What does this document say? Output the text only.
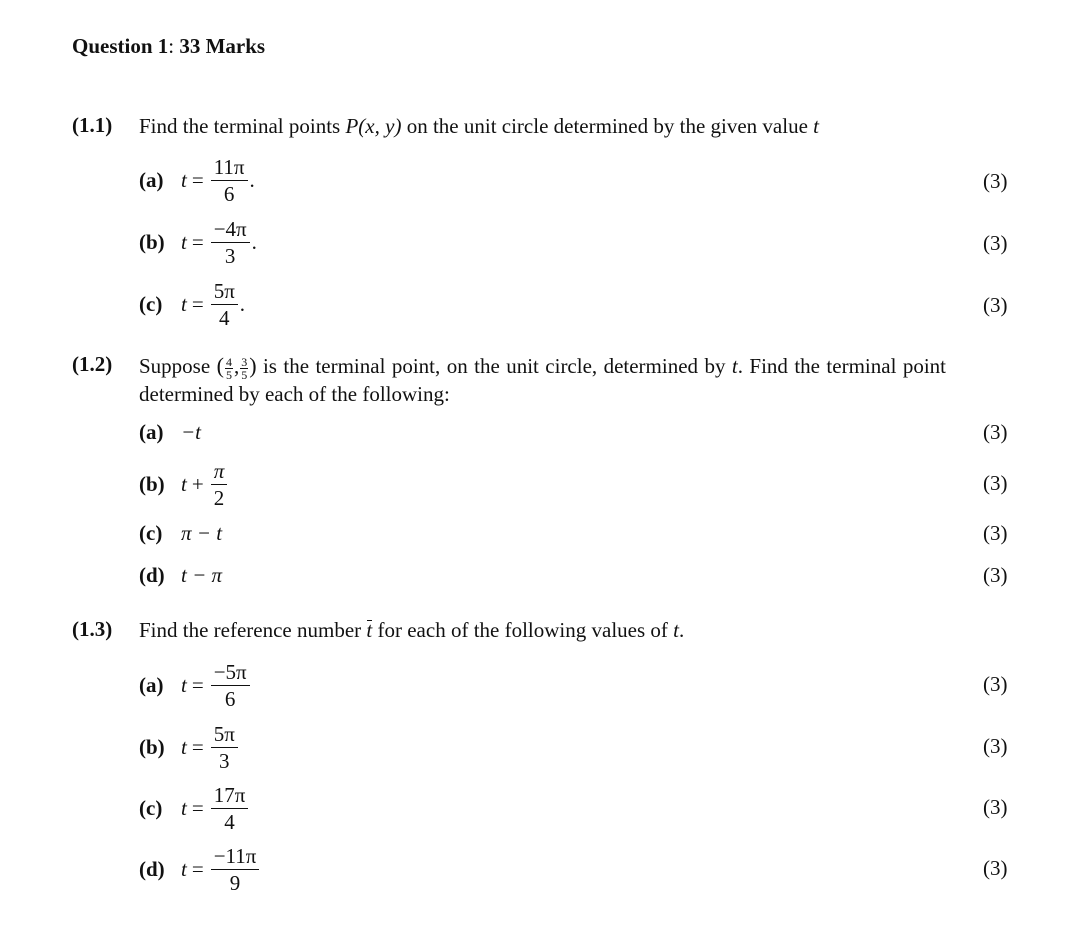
Question 1: 33 Marks
(1.1) Find the terminal points P(x, y) on the unit circle determined by the given value t
(a) $t = \frac{11\pi}{6}$ .	(3)
(b) $t = \frac{-4\pi}{3}$ .	(3)
(c) $t = \frac{5\pi}{4}$ .	(3)
(1.2) Suppose ( $\frac{4}{5}$ , $\frac{3}{5}$ ) is the terminal point, on the unit circle, determined by t. Find the terminal point determined by each of the following:
(a) −t	(3)
(b) $t + \frac{\pi}{2}$	(3)
(c) π − t	(3)
(d) t − π	(3)
(1.3) Find the reference number t for each of the following values of t.
(a) $t = \frac{-5\pi}{6}$	(3)
(b) $t = \frac{5\pi}{3}$	(3)
(c) $t = \frac{17\pi}{4}$	(3)
(d) $t = \frac{-11\pi}{9}$	(3)
